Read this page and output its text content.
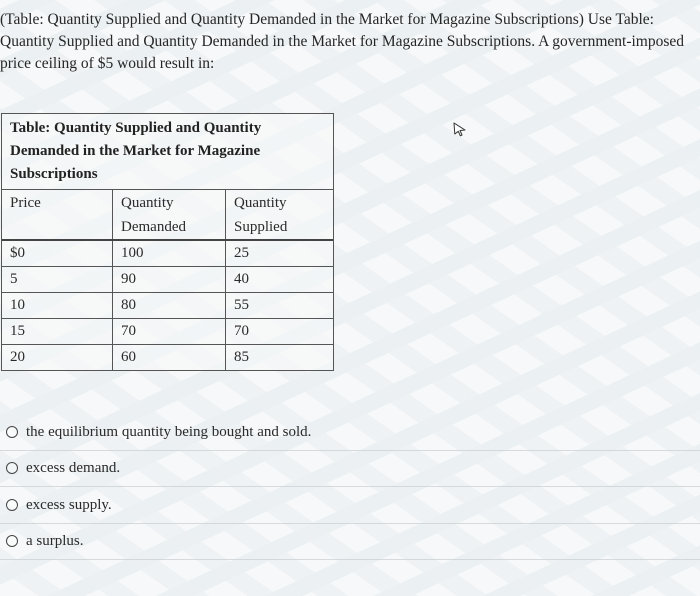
(Table: Quantity Supplied and Quantity Demanded in the Market for Magazine Subscriptions) Use Table: Quantity Supplied and Quantity Demanded in the Market for Magazine Subscriptions. A government-imposed price ceiling of $5 would result in:
Table: Quantity Supplied and Quantity Demanded in the Market for Magazine Subscriptions
Price	Quantity Demanded	Quantity Supplied
$0	100	25
5	90	40
10	80	55
15	70	70
20	60	85
the equilibrium quantity being bought and sold.
excess demand.
excess supply.
a surplus.
